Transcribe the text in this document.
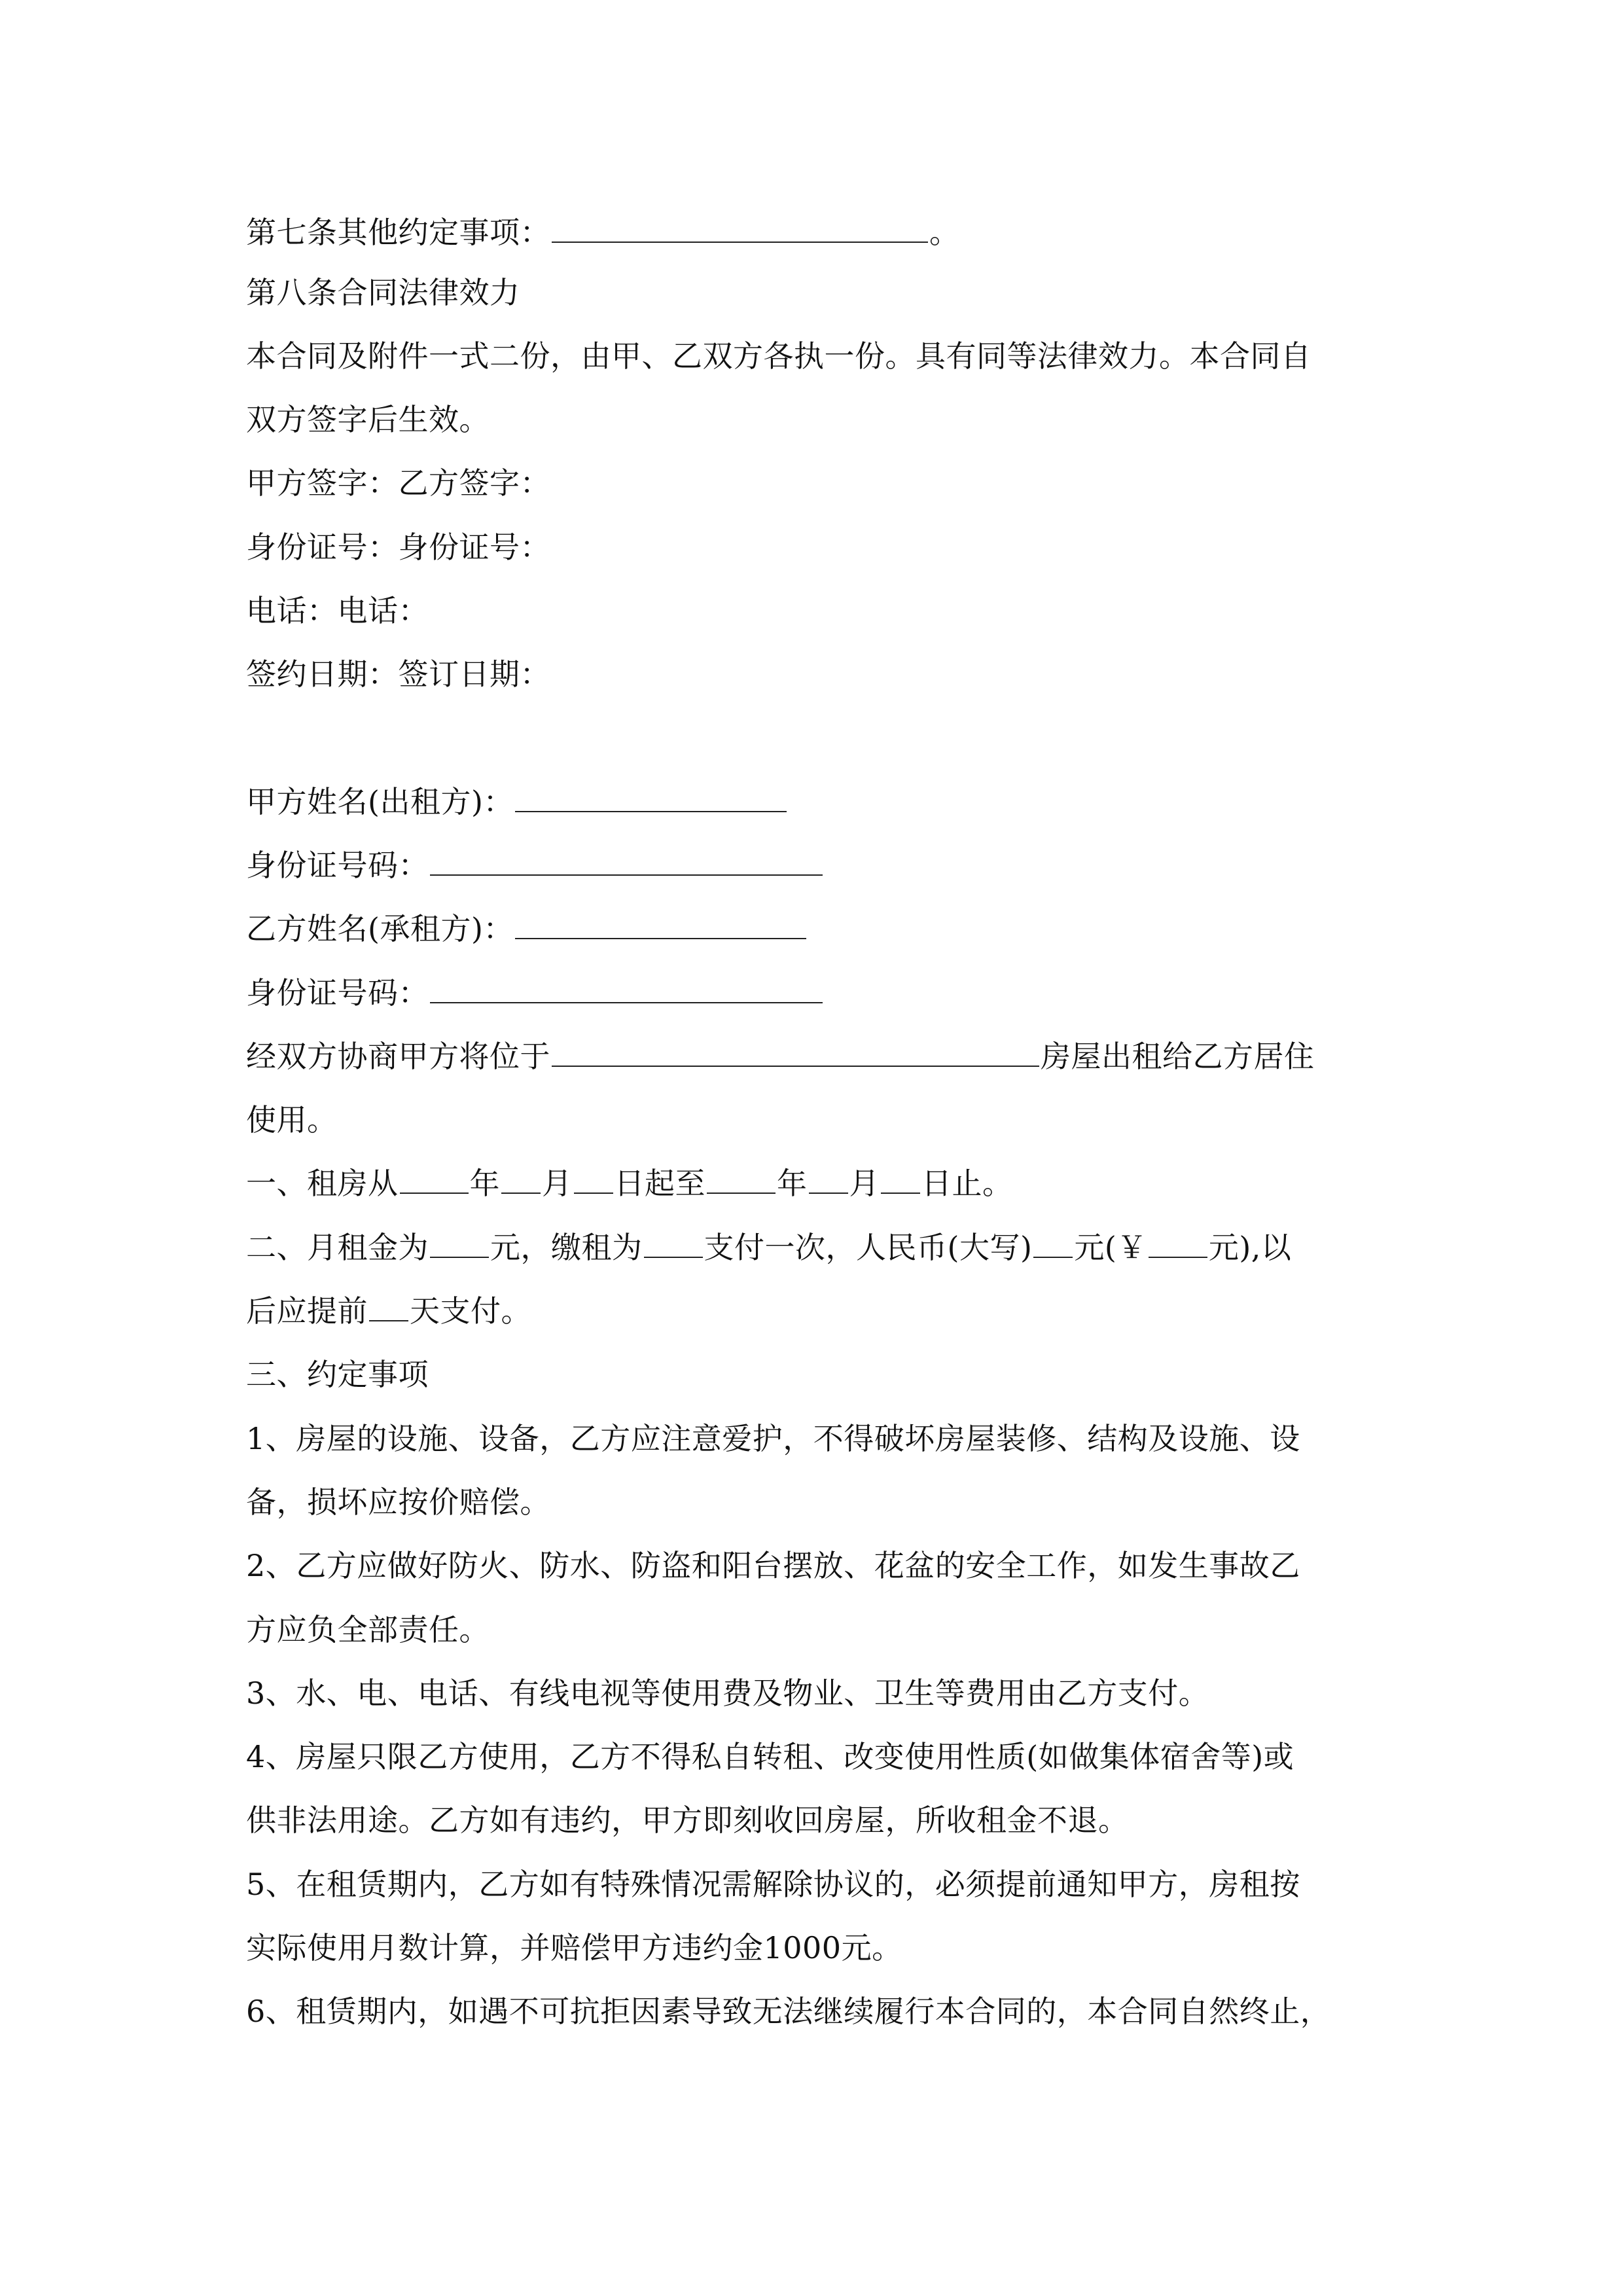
第七条其他约定事项：	。
第八条合同法律效力
本合同及附件一式二份，由甲、乙双方各执一份。具有同等法律效力。本合同自
双方签字后生效。
甲方签字：乙方签字：
身份证号：身份证号：
电话：电话：
签约日期：签订日期：
甲方姓名(出租方)：
身份证号码：
乙方姓名(承租方)：
身份证号码：
经双方协商甲方将位于	房屋出租给乙方居住
使用。
一、租房从 年 月 日起至 年 月 日止。
二、月租金为 元，缴租为 支付一次，人民币(大写) 元(￥ 元),以
后应提前 天支付。
三、约定事项
1、房屋的设施、设备，乙方应注意爱护，不得破坏房屋装修、结构及设施、设
备，损坏应按价赔偿。
2、乙方应做好防火、防水、防盗和阳台摆放、花盆的安全工作，如发生事故乙
方应负全部责任。
3、水、电、电话、有线电视等使用费及物业、卫生等费用由乙方支付。
4、房屋只限乙方使用，乙方不得私自转租、改变使用性质(如做集体宿舍等)或
供非法用途。乙方如有违约，甲方即刻收回房屋，所收租金不退。
5、在租赁期内，乙方如有特殊情况需解除协议的，必须提前通知甲方，房租按
实际使用月数计算，并赔偿甲方违约金1000元。
6、租赁期内，如遇不可抗拒因素导致无法继续履行本合同的，本合同自然终止，
